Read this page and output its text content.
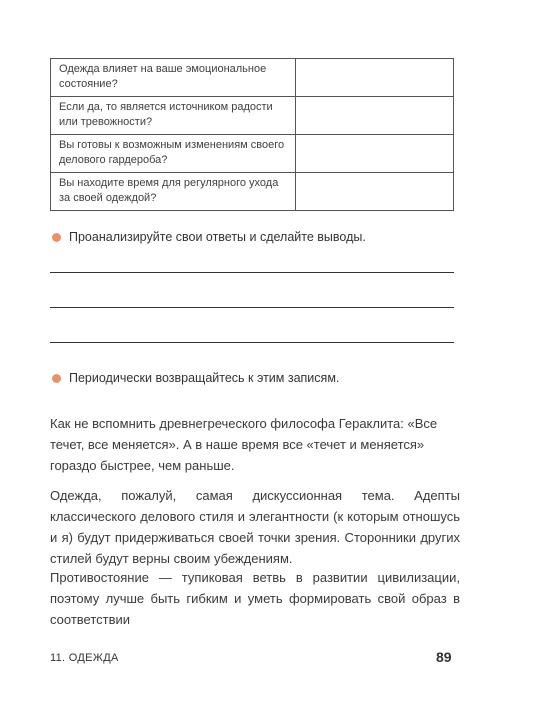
Одежда влияет на ваше эмоциональное состояние?	
Если да, то является источником радости или тревожности?	
Вы готовы к возможным изменениям своего делового гардероба?	
Вы находите время для регулярного ухода за своей одеждой?	
Проанализируйте свои ответы и сделайте выводы.
Периодически возвращайтесь к этим записям.

Как не вспомнить древнегреческого философа Гераклита: «Все течет, все меняется». А в наше время все «течет и меняется» гораздо быстрее, чем раньше.

Одежда, пожалуй, самая дискуссионная тема. Адепты классического делового стиля и элегантности (к которым отношусь и я) будут придерживаться своей точки зрения. Сторонники других стилей будут верны своим убеждениям.

Противостояние — тупиковая ветвь в развитии цивилизации, поэтому лучше быть гибким и уметь формировать свой образ в соответствии

11. ОДЕЖДА	89
